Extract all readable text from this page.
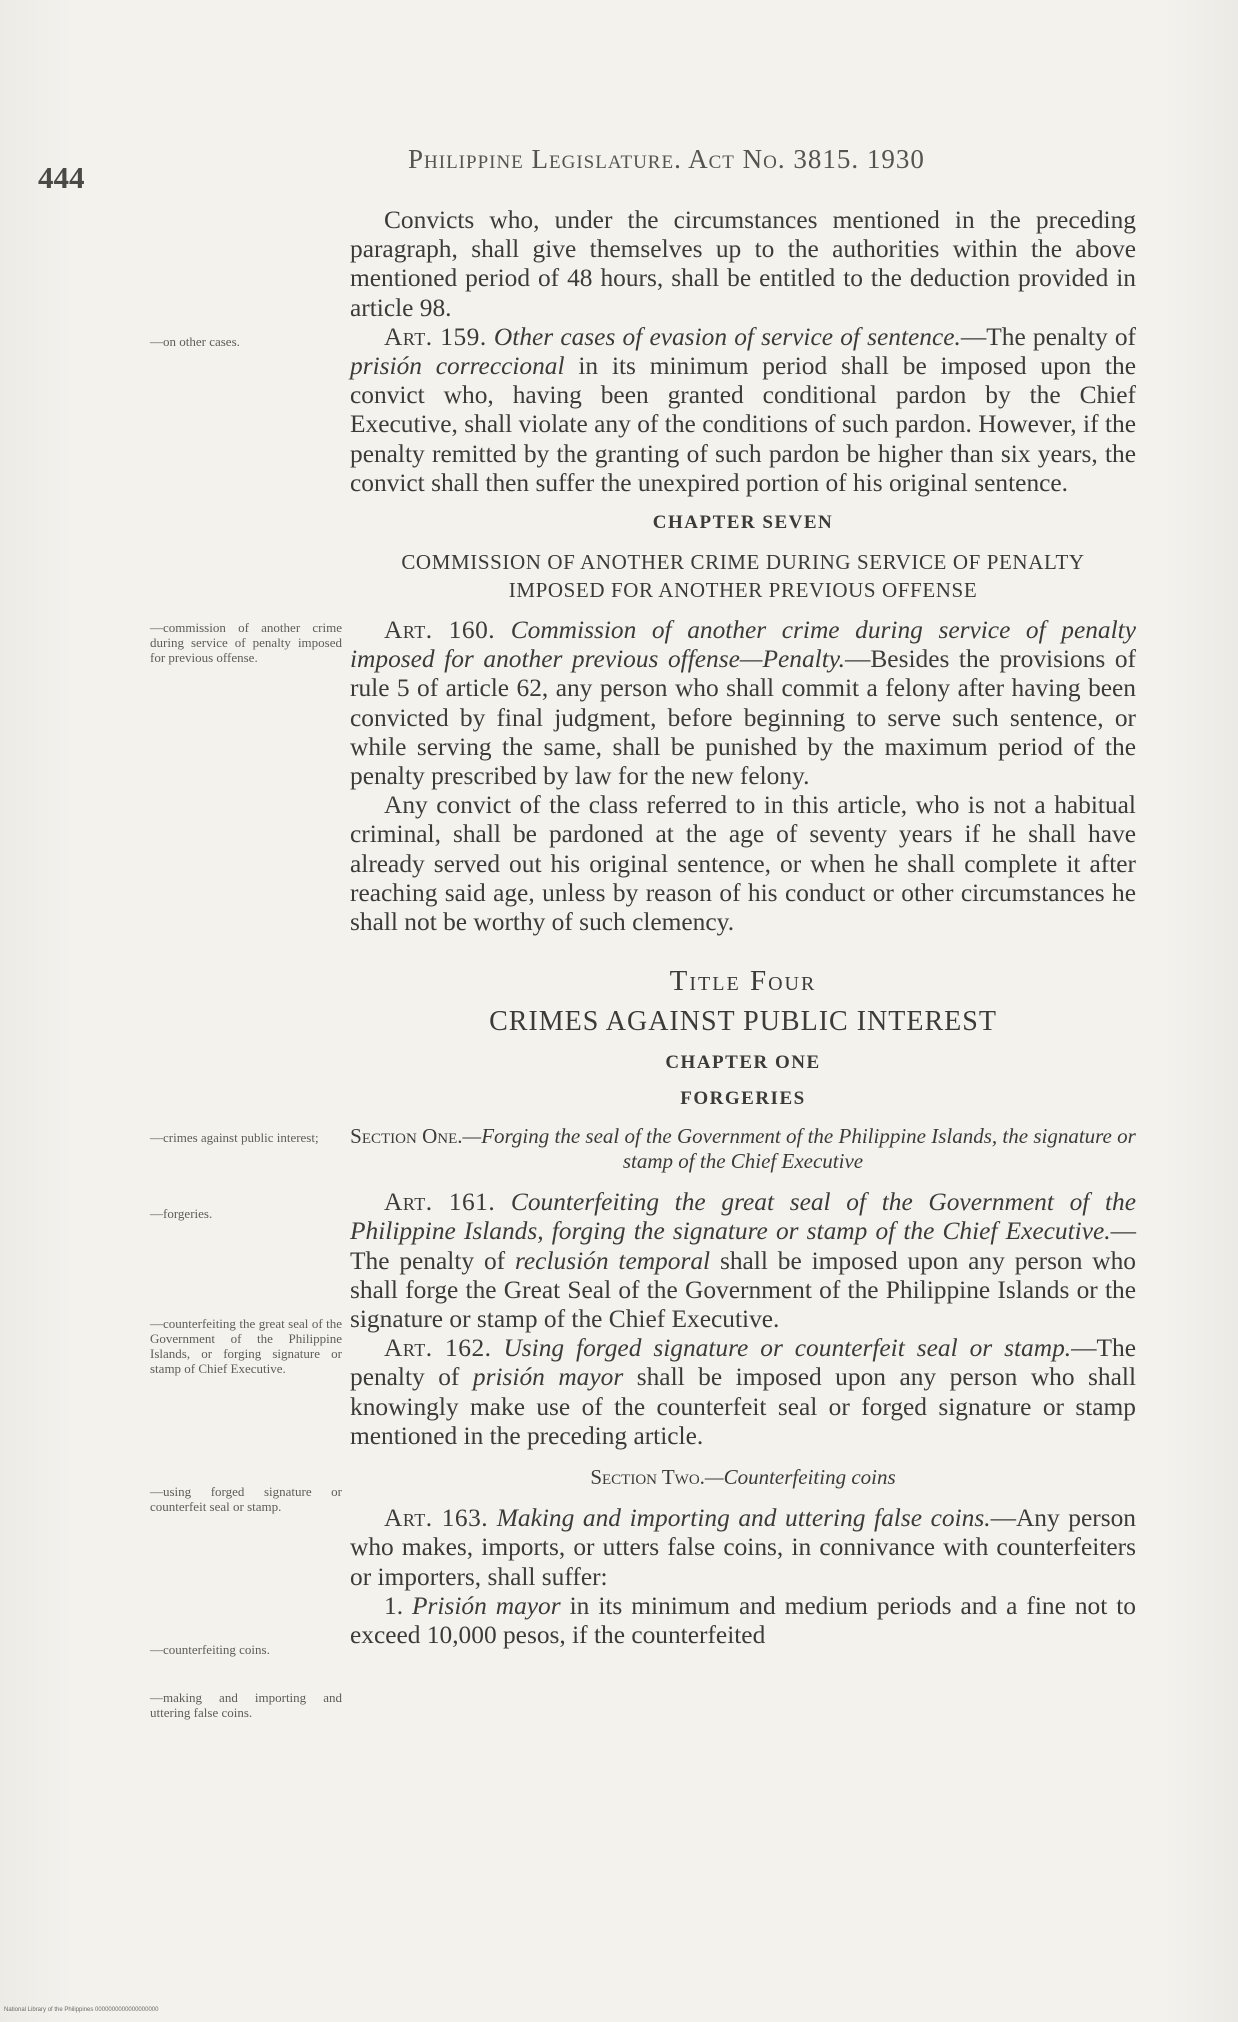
444
Philippine Legislature. Act No. 3815. 1930
—on other cases.
—commission of another crime during service of penalty imposed for previous offense.
—crimes against public interest;
—forgeries.
—counterfeiting the great seal of the Government of the Philippine Islands, or forging signature or stamp of Chief Executive.
—using forged signature or counterfeit seal or stamp.
—counterfeiting coins.
—making and importing and uttering false coins.

Convicts who, under the circumstances mentioned in the preceding paragraph, shall give themselves up to the authorities within the above mentioned period of 48 hours, shall be entitled to the deduction provided in article 98.

Art. 159. Other cases of evasion of service of sentence.—The penalty of prisión correccional in its minimum period shall be imposed upon the convict who, having been granted conditional pardon by the Chief Executive, shall violate any of the conditions of such pardon. However, if the penalty remitted by the granting of such pardon be higher than six years, the convict shall then suffer the unexpired portion of his original sentence.

CHAPTER SEVEN
COMMISSION OF ANOTHER CRIME DURING SERVICE OF PENALTY
IMPOSED FOR ANOTHER PREVIOUS OFFENSE

Art. 160. Commission of another crime during service of penalty imposed for another previous offense—Penalty.—Besides the provisions of rule 5 of article 62, any person who shall commit a felony after having been convicted by final judgment, before beginning to serve such sentence, or while serving the same, shall be punished by the maximum period of the penalty prescribed by law for the new felony.

Any convict of the class referred to in this article, who is not a habitual criminal, shall be pardoned at the age of seventy years if he shall have already served out his original sentence, or when he shall complete it after reaching said age, unless by reason of his conduct or other circumstances he shall not be worthy of such clemency.

Title Four
CRIMES AGAINST PUBLIC INTEREST
CHAPTER ONE
FORGERIES
Section One.—Forging the seal of the Government of the Philippine Islands, the signature or stamp of the Chief Executive

Art. 161. Counterfeiting the great seal of the Government of the Philippine Islands, forging the signature or stamp of the Chief Executive.—The penalty of reclusión temporal shall be imposed upon any person who shall forge the Great Seal of the Government of the Philippine Islands or the signature or stamp of the Chief Executive.

Art. 162. Using forged signature or counterfeit seal or stamp.—The penalty of prisión mayor shall be imposed upon any person who shall knowingly make use of the counterfeit seal or forged signature or stamp mentioned in the preceding article.

Section Two.—Counterfeiting coins

Art. 163. Making and importing and uttering false coins.—Any person who makes, imports, or utters false coins, in connivance with counterfeiters or importers, shall suffer:

1. Prisión mayor in its minimum and medium periods and a fine not to exceed 10,000 pesos, if the counterfeited

National Library of the Philippines 0000000000000000000
